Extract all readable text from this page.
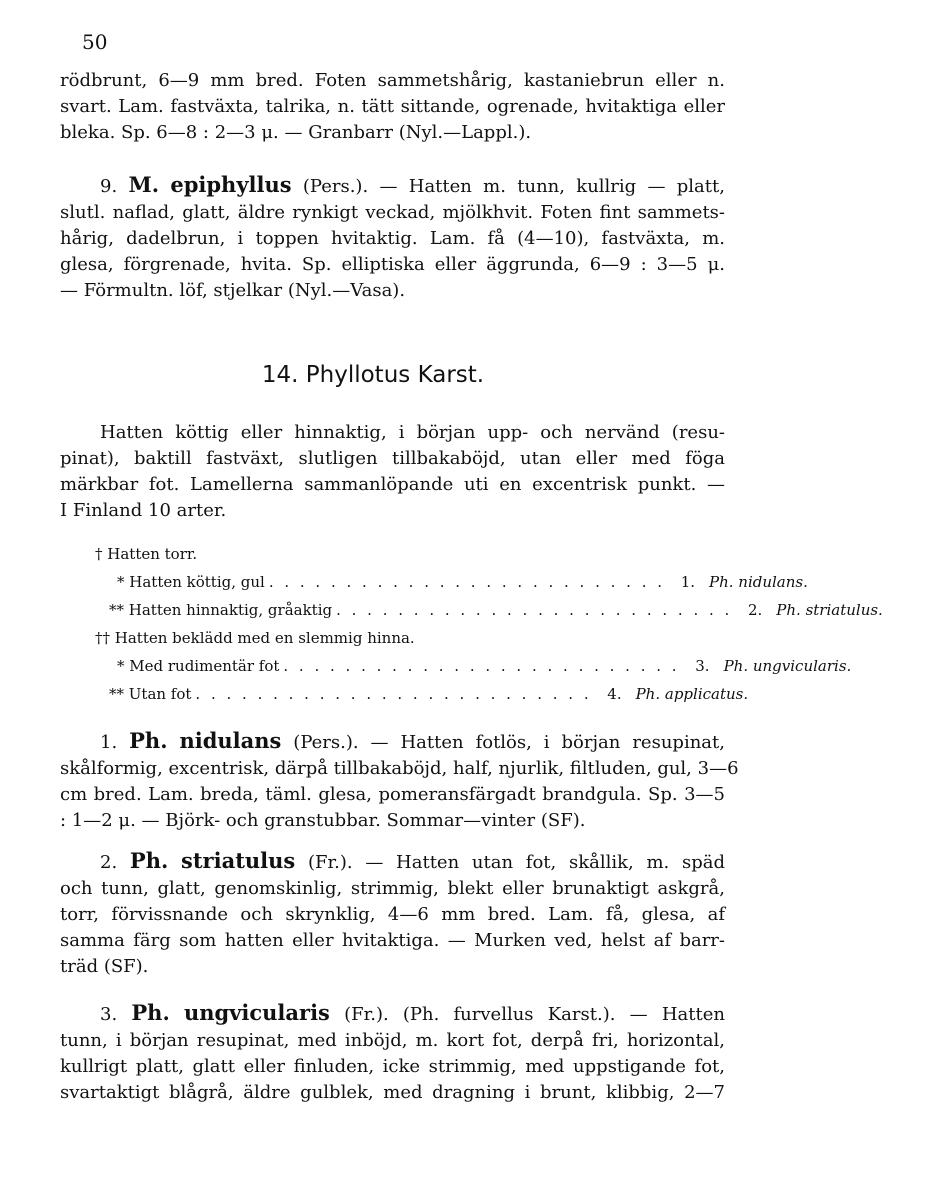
50
rödbrunt, 6—9 mm bred. Foten sammetshårig, kastaniebrun eller n.
svart. Lam. fastväxta, talrika, n. tätt sittande, ogrenade, hvitaktiga eller
bleka. Sp. 6—8 : 2—3 μ. — Granbarr (Nyl.—Lappl.).
9. M. epiphyllus (Pers.). — Hatten m. tunn, kullrig — platt,
slutl. naflad, glatt, äldre rynkigt veckad, mjölkhvit. Foten fint sammets-
hårig, dadelbrun, i toppen hvitaktig. Lam. få (4—10), fastväxta, m.
glesa, förgrenade, hvita. Sp. elliptiska eller äggrunda, 6—9 : 3—5 μ.
— Förmultn. löf, stjelkar (Nyl.—Vasa).
14. Phyllotus Karst.
Hatten köttig eller hinnaktig, i början upp- och nervänd (resu-
pinat), baktill fastväxt, slutligen tillbakaböjd, utan eller med föga
märkbar fot. Lamellerna sammanlöpande uti en excentrisk punkt. —
I Finland 10 arter.
† Hatten torr.
* Hatten köttig, gul . . . . . . . . . . . . . . . . . . . . . . . . . .	1. Ph. nidulans.
** Hatten hinnaktig, gråaktig . . . . . . . . . . . . . . . . . . . . . . . . . .	2. Ph. striatulus.
†† Hatten beklädd med en slemmig hinna.
* Med rudimentär fot . . . . . . . . . . . . . . . . . . . . . . . . . .	3. Ph. ungvicularis.
** Utan fot . . . . . . . . . . . . . . . . . . . . . . . . . .	4. Ph. applicatus.
1. Ph. nidulans (Pers.). — Hatten fotlös, i början resupinat,
skålformig, excentrisk, därpå tillbakaböjd, half, njurlik, filtluden, gul, 3—6
cm bred. Lam. breda, täml. glesa, pomeransfärgadt brandgula. Sp. 3—5
: 1—2 μ. — Björk- och granstubbar. Sommar—vinter (SF).
2. Ph. striatulus (Fr.). — Hatten utan fot, skållik, m. späd
och tunn, glatt, genomskinlig, strimmig, blekt eller brunaktigt askgrå,
torr, förvissnande och skrynklig, 4—6 mm bred. Lam. få, glesa, af
samma färg som hatten eller hvitaktiga. — Murken ved, helst af barr-
träd (SF).
3. Ph. ungvicularis (Fr.). (Ph. furvellus Karst.). — Hatten
tunn, i början resupinat, med inböjd, m. kort fot, derpå fri, horizontal,
kullrigt platt, glatt eller finluden, icke strimmig, med uppstigande fot,
svartaktigt blågrå, äldre gulblek, med dragning i brunt, klibbig, 2—7
